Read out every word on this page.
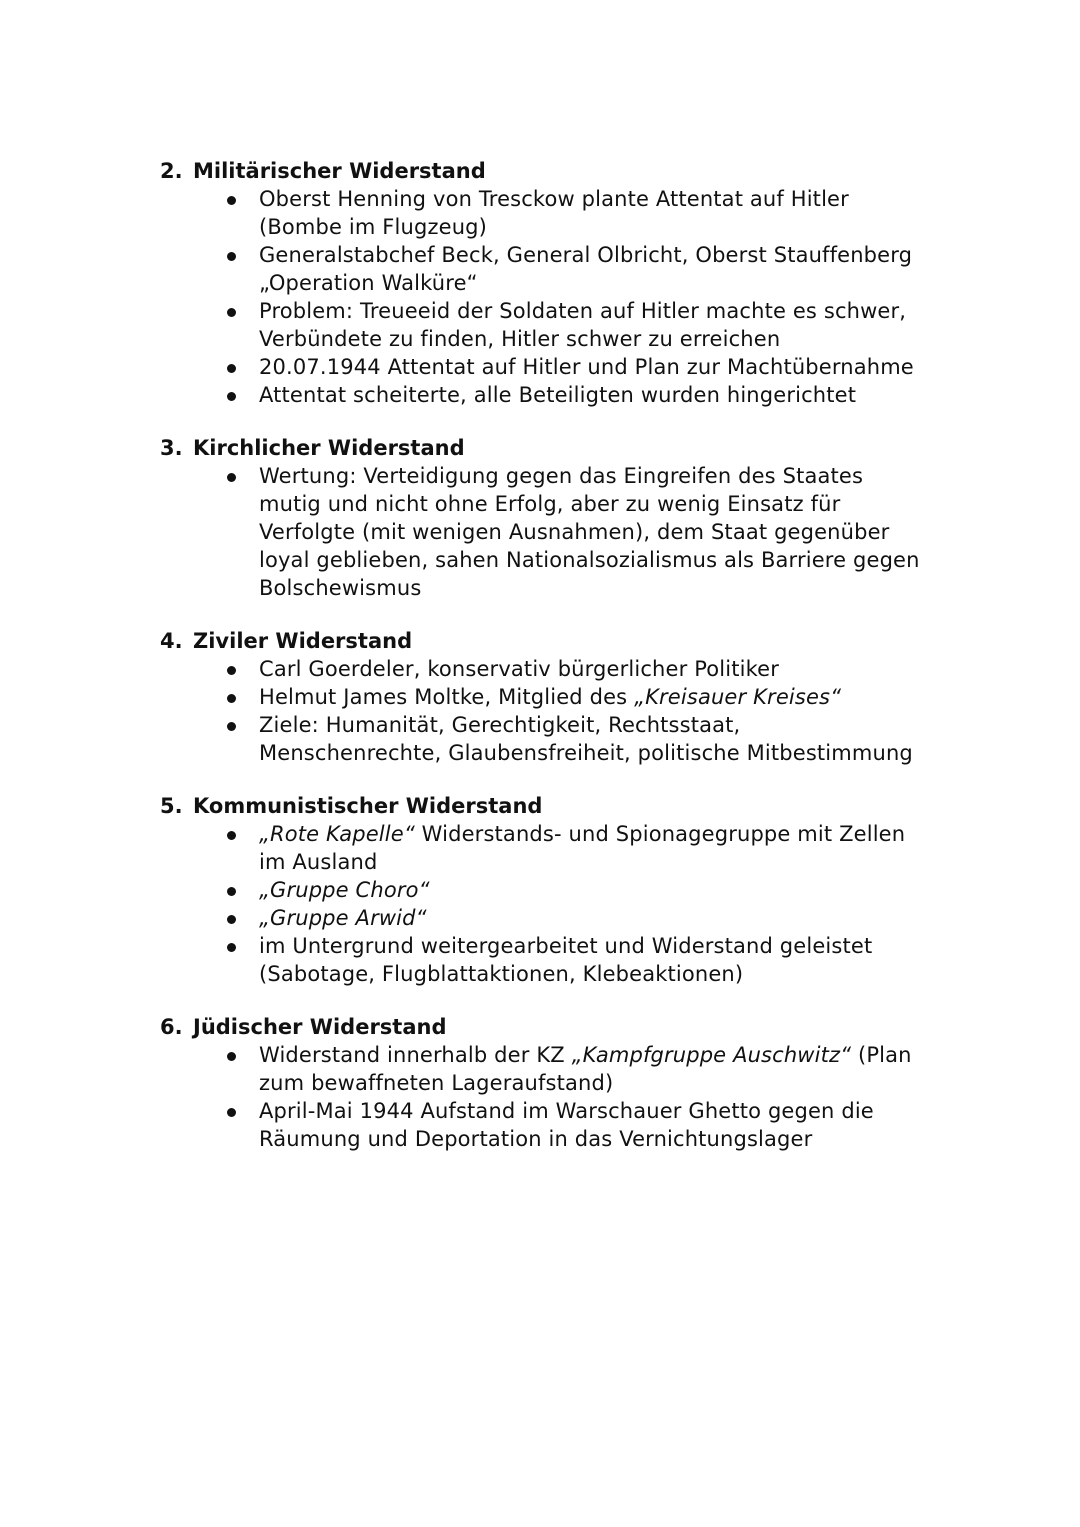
2. Militärischer Widerstand
Oberst Henning von Tresckow plante Attentat auf Hitler (Bombe im Flugzeug)
Generalstabchef Beck, General Olbricht, Oberst Stauffenberg „Operation Walküre“
Problem: Treueeid der Soldaten auf Hitler machte es schwer, Verbündete zu finden, Hitler schwer zu erreichen
20.07.1944 Attentat auf Hitler und Plan zur Machtübernahme
Attentat scheiterte, alle Beteiligten wurden hingerichtet
3. Kirchlicher Widerstand
Wertung: Verteidigung gegen das Eingreifen des Staates mutig und nicht ohne Erfolg, aber zu wenig Einsatz für Verfolgte (mit wenigen Ausnahmen), dem Staat gegenüber loyal geblieben, sahen Nationalsozialismus als Barriere gegen Bolschewismus
4. Ziviler Widerstand
Carl Goerdeler, konservativ bürgerlicher Politiker
Helmut James Moltke, Mitglied des „Kreisauer Kreises“
Ziele: Humanität, Gerechtigkeit, Rechtsstaat, Menschenrechte, Glaubensfreiheit, politische Mitbestimmung
5. Kommunistischer Widerstand
„Rote Kapelle“ Widerstands- und Spionagegruppe mit Zellen im Ausland
„Gruppe Choro“
„Gruppe Arwid“
im Untergrund weitergearbeitet und Widerstand geleistet (Sabotage, Flugblattaktionen, Klebeaktionen)
6. Jüdischer Widerstand
Widerstand innerhalb der KZ „Kampfgruppe Auschwitz“ (Plan zum bewaffneten Lageraufstand)
April-Mai 1944 Aufstand im Warschauer Ghetto gegen die Räumung und Deportation in das Vernichtungslager
